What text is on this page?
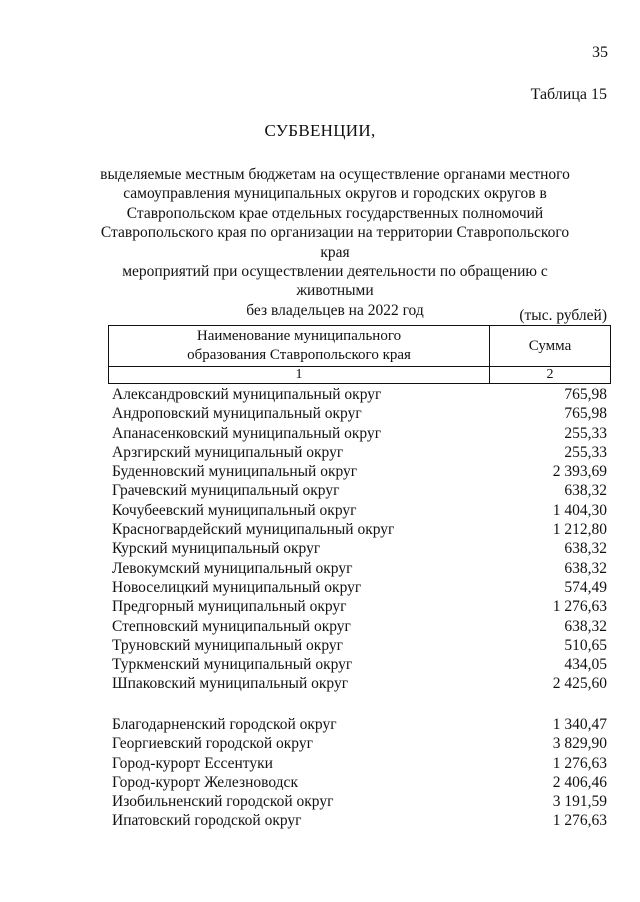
35
Таблица 15
СУБВЕНЦИИ,
выделяемые местным бюджетам на осуществление органами местного
самоуправления муниципальных округов и городских округов в
Ставропольском крае отдельных государственных полномочий
Ставропольского края по организации на территории Ставропольского края
мероприятий при осуществлении деятельности по обращению с животными
без владельцев на 2022 год	(тыс. рублей)
Наименование муниципального
образования Ставропольского края	Сумма
1	2
Александровский муниципальный округ	765,98
Андроповский муниципальный округ	765,98
Апанасенковский муниципальный округ	255,33
Арзгирский муниципальный округ	255,33
Буденновский муниципальный округ	2 393,69
Грачевский муниципальный округ	638,32
Кочубеевский муниципальный округ	1 404,30
Красногвардейский муниципальный округ	1 212,80
Курский муниципальный округ	638,32
Левокумский муниципальный округ	638,32
Новоселицкий муниципальный округ	574,49
Предгорный муниципальный округ	1 276,63
Степновский муниципальный округ	638,32
Труновский муниципальный округ	510,65
Туркменский муниципальный округ	434,05
Шпаковский муниципальный округ	2 425,60
Благодарненский городской округ	1 340,47
Георгиевский городской округ	3 829,90
Город-курорт Ессентуки	1 276,63
Город-курорт Железноводск	2 406,46
Изобильненский городской округ	3 191,59
Ипатовский городской округ	1 276,63
